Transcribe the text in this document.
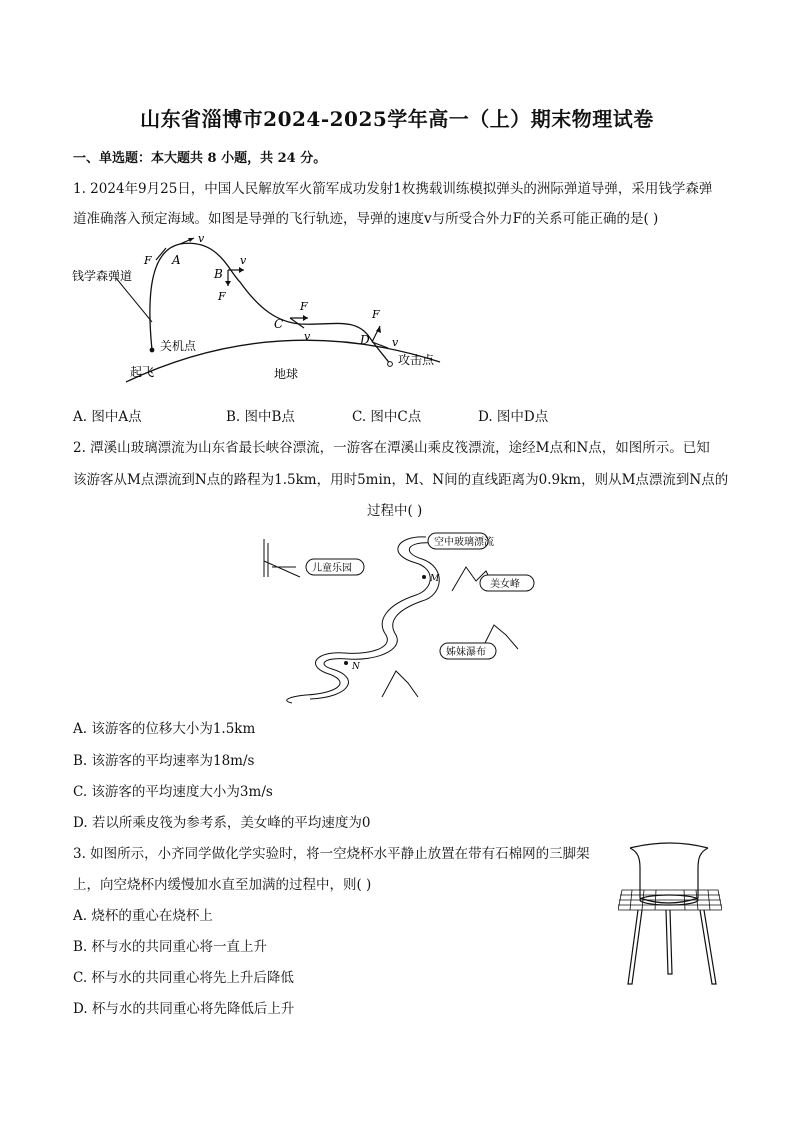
山东省淄博市2024-2025学年高一（上）期末物理试卷
一、单选题：本大题共 8 小题，共 24 分。
1. 2024年9月25日，中国人民解放军火箭军成功发射1枚携载训练模拟弹头的洲际弹道导弹，采用钱学森弹
道准确落入预定海域。如图是导弹的飞行轨迹，导弹的速度v与所受合外力F的关系可能正确的是( )
v
F A
B
v
F
F
C
v
F
D v
钱学森弹道
关机点
起飞	地球
攻击点
A. 图中A点	B. 图中B点	C. 图中C点	D. 图中D点
2. 潭溪山玻璃漂流为山东省最长峡谷漂流，一游客在潭溪山乘皮筏漂流，途经M点和N点，如图所示。已知
该游客从M点漂流到N点的路程为1.5km，用时5min，M、N间的直线距离为0.9km，则从M点漂流到N点的
过程中( )
空中玻璃漂流
儿童乐园
美女峰
姊妹瀑布
M
N
A. 该游客的位移大小为1.5km
B. 该游客的平均速率为18m/s
C. 该游客的平均速度大小为3m/s
D. 若以所乘皮筏为参考系，美女峰的平均速度为0
3. 如图所示，小齐同学做化学实验时，将一空烧杯水平静止放置在带有石棉网的三脚架
上，向空烧杯内缓慢加水直至加满的过程中，则( )
A. 烧杯的重心在烧杯上
B. 杯与水的共同重心将一直上升
C. 杯与水的共同重心将先上升后降低
D. 杯与水的共同重心将先降低后上升
